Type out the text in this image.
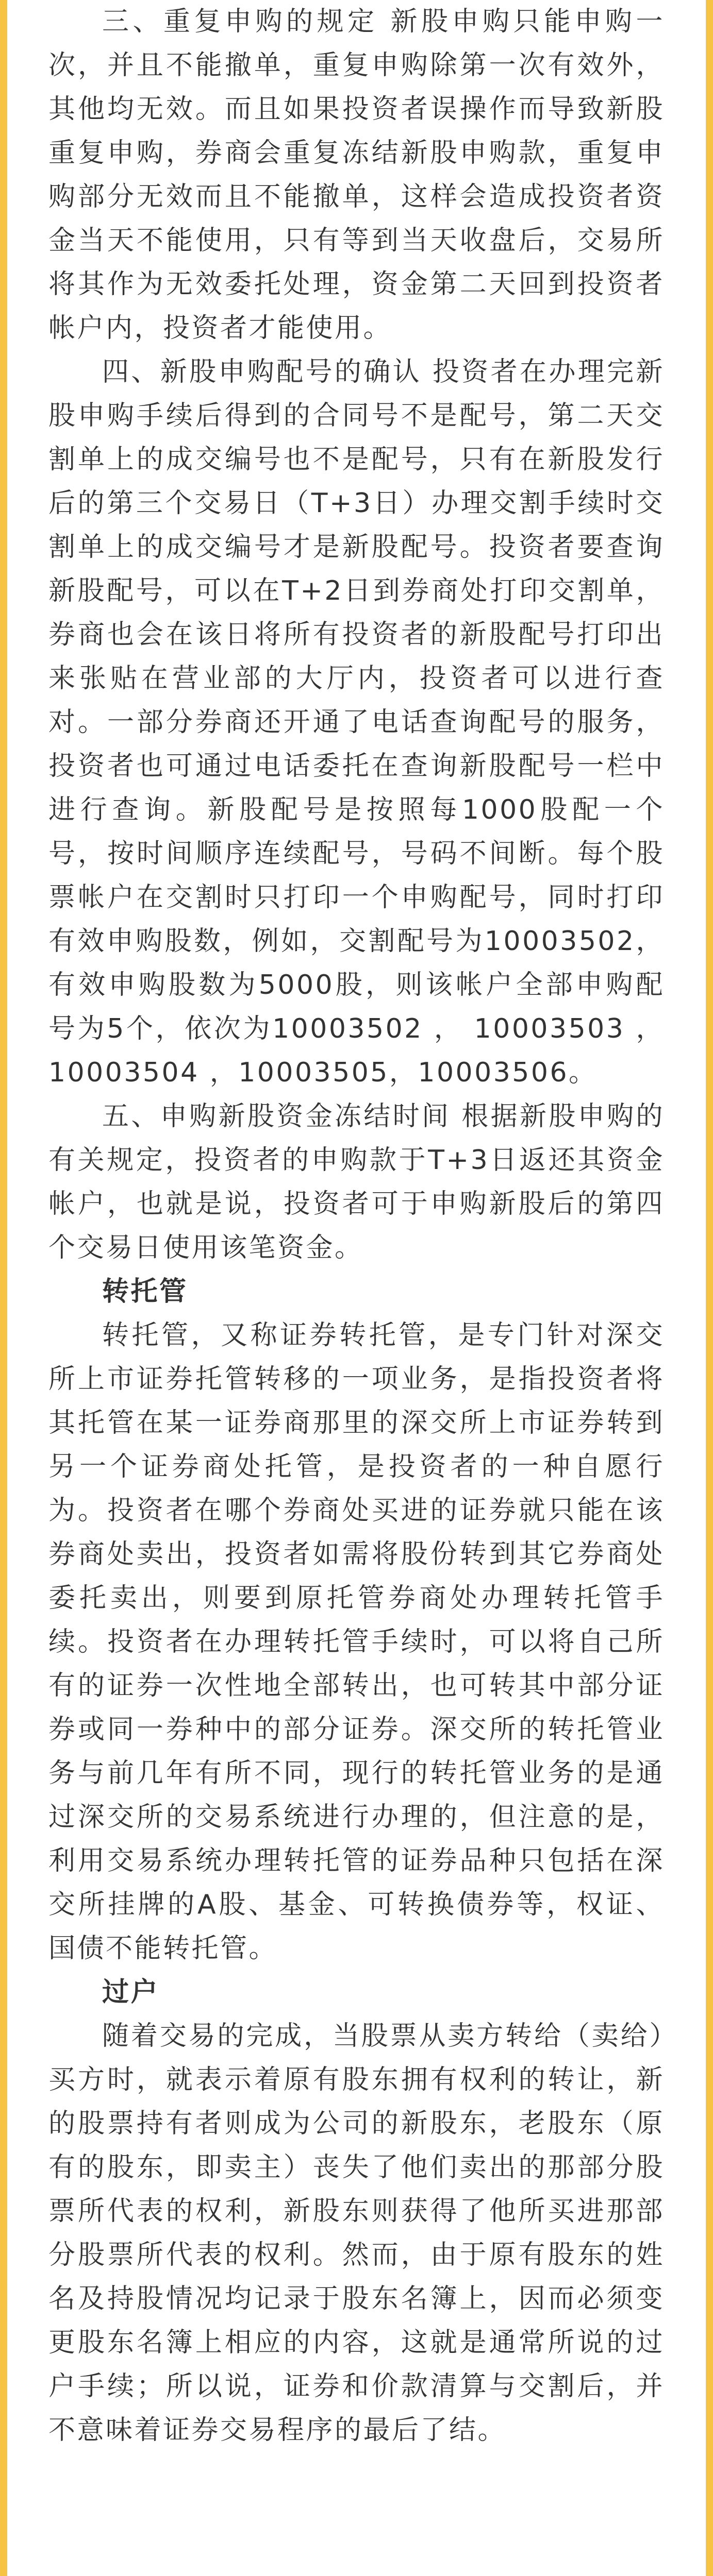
三、重复申购的规定 新股申购只能申购一次，并且不能撤单，重复申购除第一次有效外，其他均无效。而且如果投资者误操作而导致新股重复申购，券商会重复冻结新股申购款，重复申购部分无效而且不能撤单，这样会造成投资者资金当天不能使用，只有等到当天收盘后，交易所将其作为无效委托处理，资金第二天回到投资者帐户内，投资者才能使用。

四、新股申购配号的确认 投资者在办理完新股申购手续后得到的合同号不是配号，第二天交割单上的成交编号也不是配号，只有在新股发行后的第三个交易日（T+3日）办理交割手续时交割单上的成交编号才是新股配号。投资者要查询新股配号，可以在T+2日到券商处打印交割单，券商也会在该日将所有投资者的新股配号打印出来张贴在营业部的大厅内，投资者可以进行查对。一部分券商还开通了电话查询配号的服务，投资者也可通过电话委托在查询新股配号一栏中进行查询。新股配号是按照每1000股配一个号，按时间顺序连续配号，号码不间断。每个股票帐户在交割时只打印一个申购配号，同时打印有效申购股数，例如，交割配号为10003502，有效申购股数为5000股，则该帐户全部申购配号为5个，依次为10003502 ， 10003503 ， 10003504 ，10003505，10003506。

五、申购新股资金冻结时间 根据新股申购的有关规定，投资者的申购款于T+3日返还其资金帐户，也就是说，投资者可于申购新股后的第四个交易日使用该笔资金。

转托管

转托管，又称证券转托管，是专门针对深交所上市证券托管转移的一项业务，是指投资者将其托管在某一证券商那里的深交所上市证券转到另一个证券商处托管，是投资者的一种自愿行为。投资者在哪个券商处买进的证券就只能在该券商处卖出，投资者如需将股份转到其它券商处委托卖出，则要到原托管券商处办理转托管手续。投资者在办理转托管手续时，可以将自己所有的证券一次性地全部转出，也可转其中部分证券或同一券种中的部分证券。深交所的转托管业务与前几年有所不同，现行的转托管业务的是通过深交所的交易系统进行办理的，但注意的是，利用交易系统办理转托管的证券品种只包括在深交所挂牌的A股、基金、可转换债券等，权证、国债不能转托管。

过户

随着交易的完成，当股票从卖方转给（卖给）买方时，就表示着原有股东拥有权利的转让，新的股票持有者则成为公司的新股东，老股东（原有的股东，即卖主）丧失了他们卖出的那部分股票所代表的权利，新股东则获得了他所买进那部分股票所代表的权利。然而，由于原有股东的姓名及持股情况均记录于股东名簿上，因而必须变更股东名簿上相应的内容，这就是通常所说的过户手续；所以说，证券和价款清算与交割后，并不意味着证券交易程序的最后了结。
